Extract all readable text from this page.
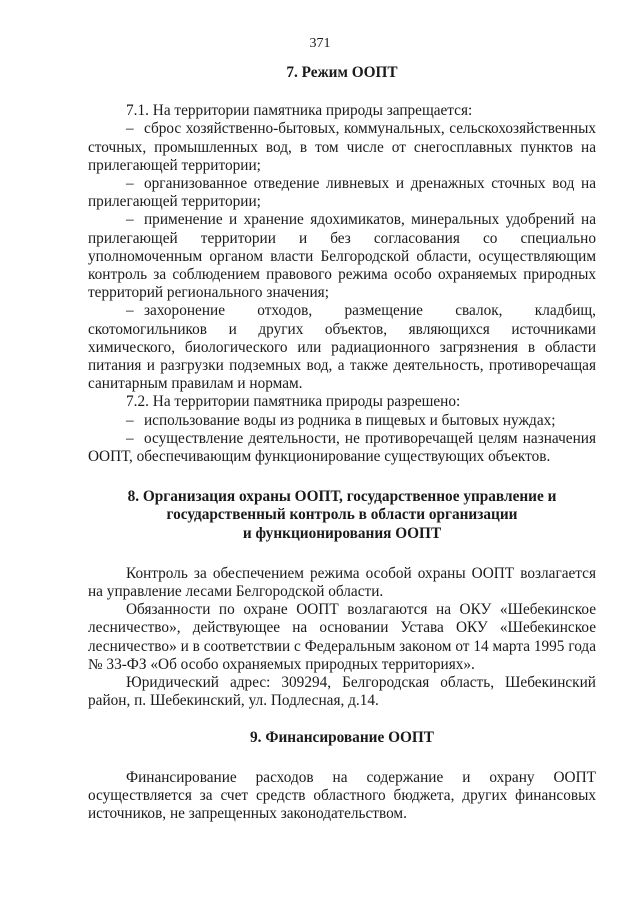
371
7. Режим ООПТ

7.1. На территории памятника природы запрещается:

– сброс хозяйственно-бытовых, коммунальных, сельскохозяйственных сточных, промышленных вод, в том числе от снегосплавных пунктов на прилегающей территории;

– организованное отведение ливневых и дренажных сточных вод на прилегающей территории;

– применение и хранение ядохимикатов, минеральных удобрений на прилегающей территории и без согласования со специально уполномоченным органом власти Белгородской области, осуществляющим контроль за соблюдением правового режима особо охраняемых природных территорий регионального значения;

– захоронение отходов, размещение свалок, кладбищ, скотомогильников и других объектов, являющихся источниками химического, биологического или радиационного загрязнения в области питания и разгрузки подземных вод, а также деятельность, противоречащая санитарным правилам и нормам.

7.2. На территории памятника природы разрешено:

– использование воды из родника в пищевых и бытовых нуждах;

– осуществление деятельности, не противоречащей целям назначения ООПТ, обеспечивающим функционирование существующих объектов.

8. Организация охраны ООПТ, государственное управление и
государственный контроль в области организации
и функционирования ООПТ

Контроль за обеспечением режима особой охраны ООПТ возлагается на управление лесами Белгородской области.

Обязанности по охране ООПТ возлагаются на ОКУ «Шебекинское лесничество», действующее на основании Устава ОКУ «Шебекинское лесничество» и в соответствии с Федеральным законом от 14 марта 1995 года № 33-ФЗ «Об особо охраняемых природных территориях».

Юридический адрес: 309294, Белгородская область, Шебекинский район, п. Шебекинский, ул. Подлесная, д.14.

9. Финансирование ООПТ

Финансирование расходов на содержание и охрану ООПТ осуществляется за счет средств областного бюджета, других финансовых источников, не запрещенных законодательством.
